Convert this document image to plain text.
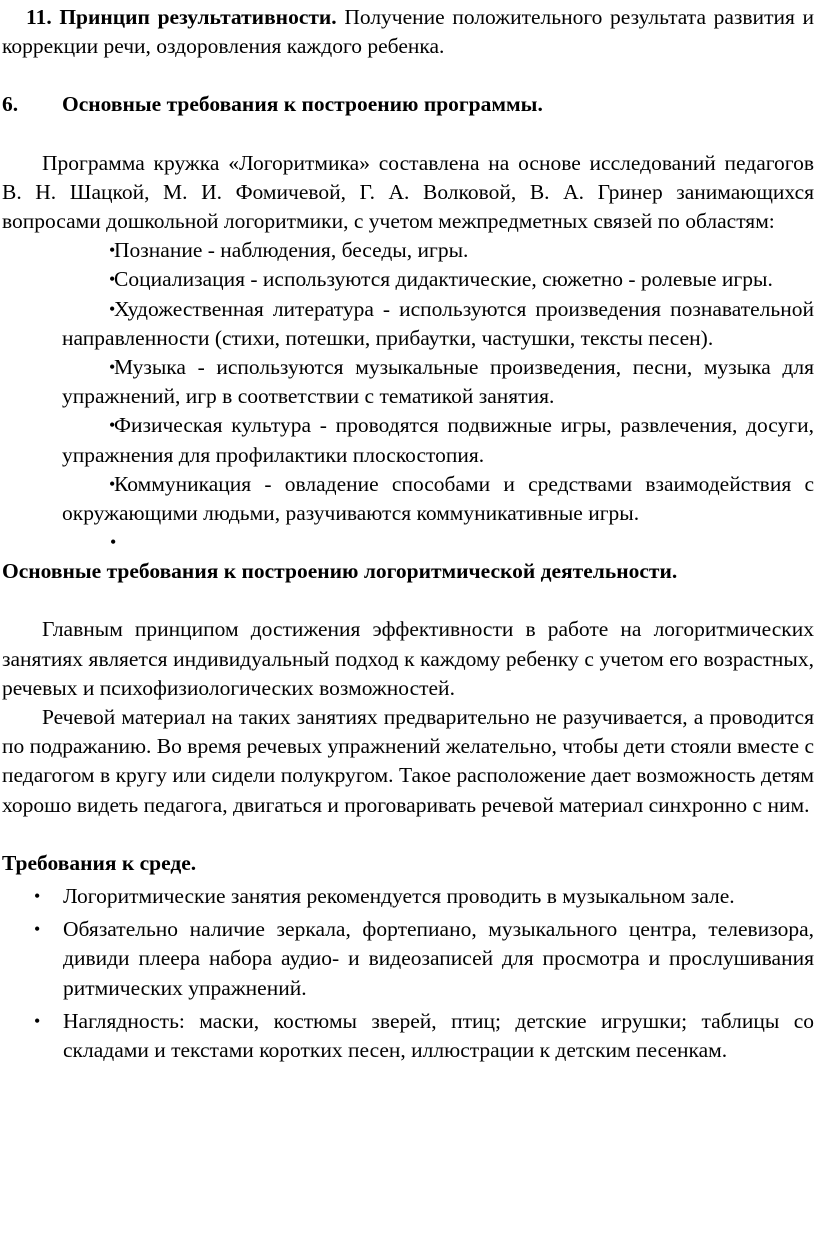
11. Принцип результативности. Получение положительного результата развития и коррекции речи, оздоровления каждого ребенка.

6.	Основные требования к построению программы.

Программа кружка «Логоритмика» составлена на основе исследований педагогов В. Н. Шацкой, М. И. Фомичевой, Г. А. Волковой, В. А. Гринер занимающихся вопросами дошкольной логоритмики, с учетом межпредметных связей по областям:

•

Познание - наблюдения, беседы, игры.

•

Социализация - используются дидактические, сюжетно - ролевые игры.

•

Художественная литература - используются произведения познавательной направленности (стихи, потешки, прибаутки, частушки, тексты песен).

•

Музыка - используются музыкальные произведения, песни, музыка для упражнений, игр в соответствии с тематикой занятия.

•

Физическая культура - проводятся подвижные игры, развлечения, досуги, упражнения для профилактики плоскостопия.

•

Коммуникация - овладение способами и средствами взаимодействия с окружающими людьми, разучиваются коммуникативные игры.

•

Основные требования к построению логоритмической деятельности.

Главным принципом достижения эффективности в работе на логоритмических занятиях является индивидуальный подход к каждому ребенку с учетом его возрастных, речевых и психофизиологических возможностей.

Речевой материал на таких занятиях предварительно не разучивается, а проводится по подражанию. Во время речевых упражнений желательно, чтобы дети стояли вместе с педагогом в кругу или сидели полукругом. Такое расположение дает возможность детям хорошо видеть педагога, двигаться и проговаривать речевой материал синхронно с ним.

Требования к среде.

• Логоритмические занятия рекомендуется проводить в музыкальном зале.

• Обязательно наличие зеркала, фортепиано, музыкального центра, телевизора, дивиди плеера набора аудио- и видеозаписей для просмотра и прослушивания ритмических упражнений.

• Наглядность: маски, костюмы зверей, птиц; детские игрушки; таблицы со складами и текстами коротких песен, иллюстрации к детским песенкам.
